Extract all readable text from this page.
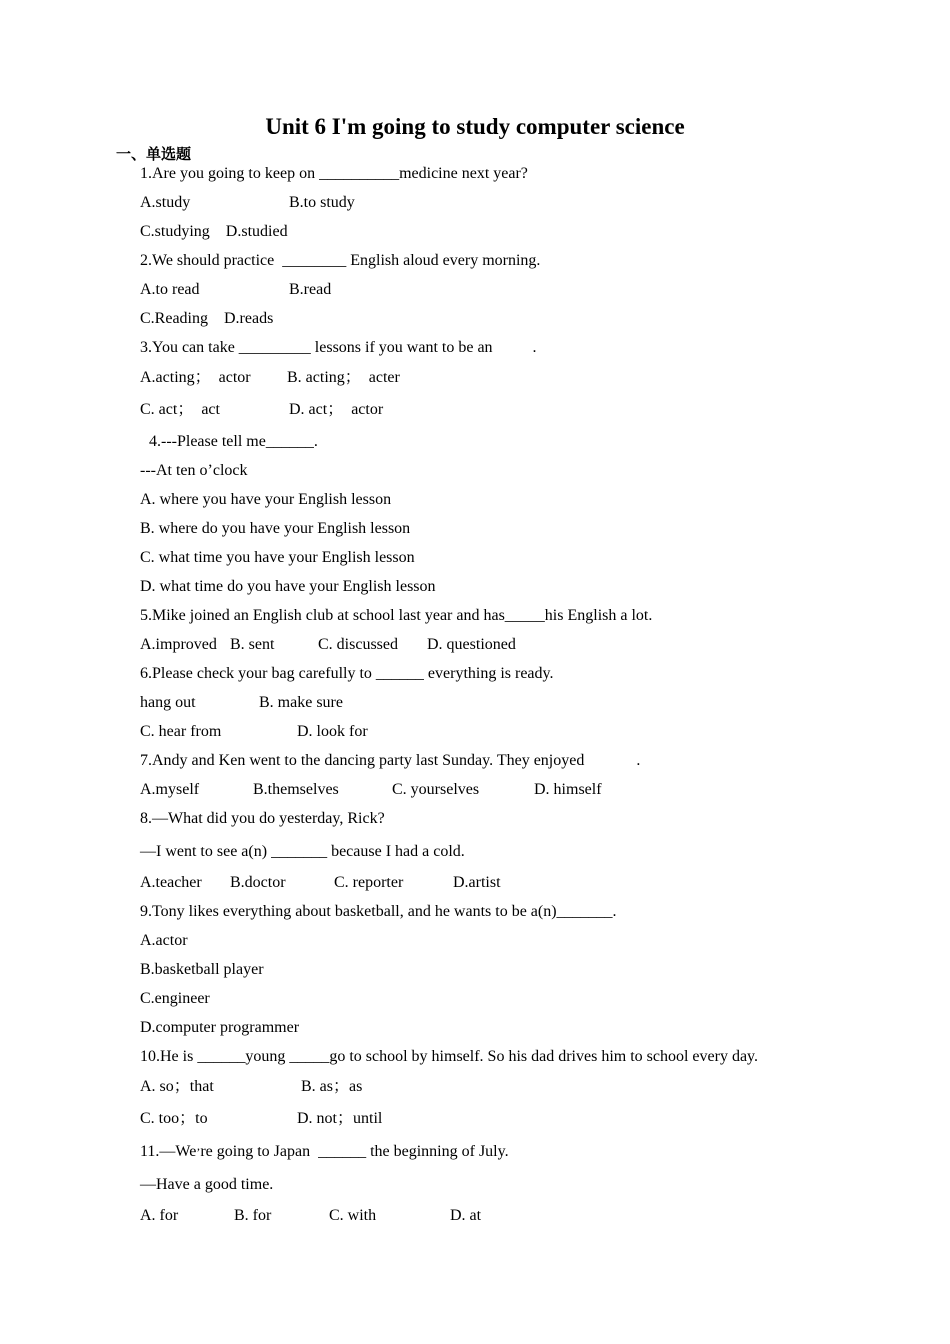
Unit 6 I'm going to study computer science
一、单选题
1.Are you going to keep on __________medicine next year?
A.study	B.to study
C.studying    D.studied
2.We should practice  ________ English aloud every morning.
A.to read	B.read
C.Reading    D.reads
3.You can take _________ lessons if you want to be an          .
A.acting；  actor B. acting；  acter
C. act；  act	D. act；  actor
4.---Please tell me______.
---At ten o’clock
A. where you have your English lesson
B. where do you have your English lesson
C. what time you have your English lesson
D. what time do you have your English lesson
5.Mike joined an English club at school last year and has_____his English a lot.
A.improved B. sent	C. discussed D. questioned
6.Please check your bag carefully to ______ everything is ready.
hang out	B. make sure
C. hear from	D. look for
7.Andy and Ken went to the dancing party last Sunday. They enjoyed             .
A.myself	B.themselves	C. yourselves	D. himself
8.—What did you do yesterday, Rick?
—I went to see a(n) _______ because I had a cold.
A.teacher B.doctor	C. reporter	D.artist
9.Tony likes everything about basketball, and he wants to be a(n)_______.
A.actor
B.basketball player
C.engineer
D.computer programmer
10.He is ______young _____go to school by himself. So his dad drives him to school every day.
A. so；that	B. as；as
C. too；to	D. not；until
11.—We’re going to Japan  ______ the beginning of July.
—Have a good time.
A. for	B. for	C. with	D. at
